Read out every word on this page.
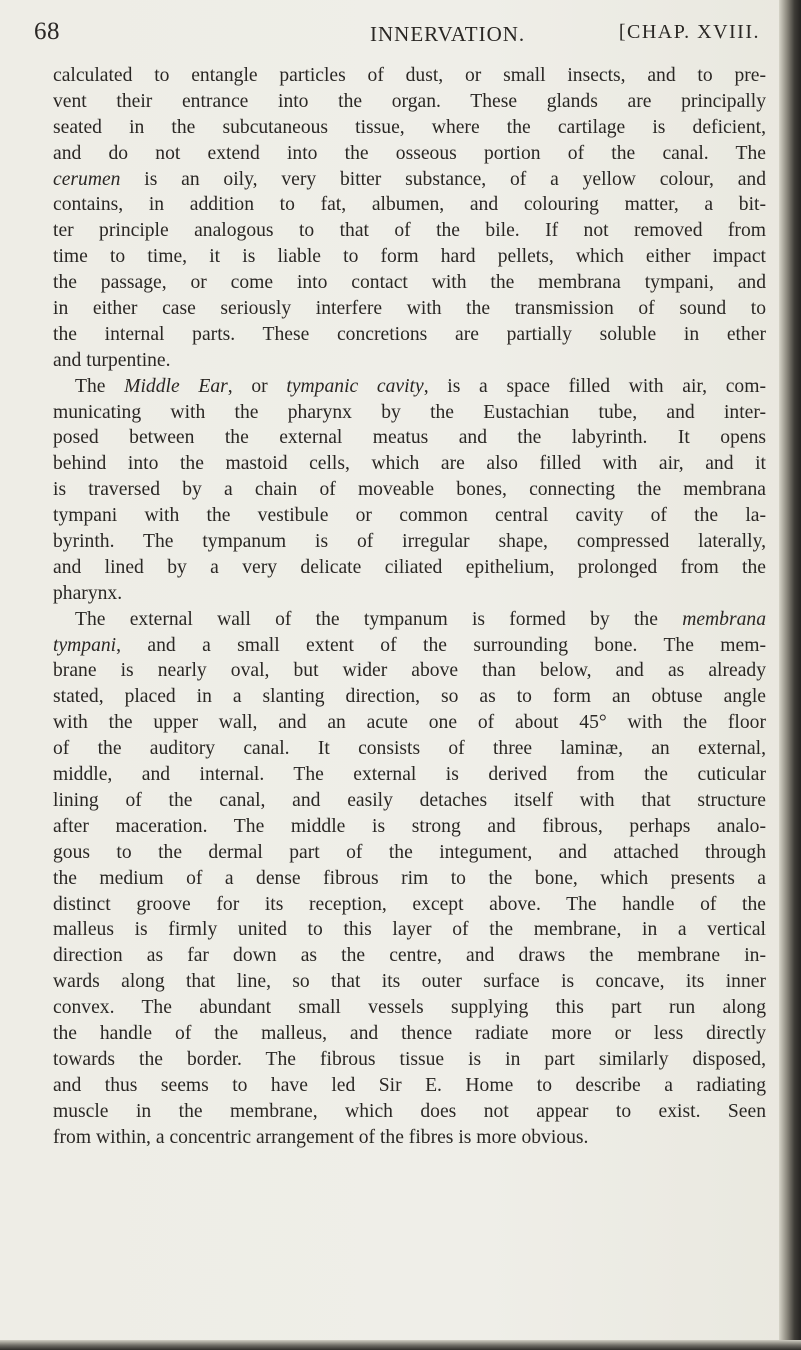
68	INNERVATION.	[CHAP. XVIII.
calculated to entangle particles of dust, or small insects, and to pre-
vent their entrance into the organ. These glands are principally
seated in the subcutaneous tissue, where the cartilage is deficient,
and do not extend into the osseous portion of the canal. The
cerumen is an oily, very bitter substance, of a yellow colour, and
contains, in addition to fat, albumen, and colouring matter, a bit-
ter principle analogous to that of the bile. If not removed from
time to time, it is liable to form hard pellets, which either impact
the passage, or come into contact with the membrana tympani, and
in either case seriously interfere with the transmission of sound to
the internal parts. These concretions are partially soluble in ether
and turpentine.
The Middle Ear, or tympanic cavity, is a space filled with air, com-
municating with the pharynx by the Eustachian tube, and inter-
posed between the external meatus and the labyrinth. It opens
behind into the mastoid cells, which are also filled with air, and it
is traversed by a chain of moveable bones, connecting the membrana
tympani with the vestibule or common central cavity of the la-
byrinth. The tympanum is of irregular shape, compressed laterally,
and lined by a very delicate ciliated epithelium, prolonged from the
pharynx.
The external wall of the tympanum is formed by the membrana
tympani, and a small extent of the surrounding bone. The mem-
brane is nearly oval, but wider above than below, and as already
stated, placed in a slanting direction, so as to form an obtuse angle
with the upper wall, and an acute one of about 45° with the floor
of the auditory canal. It consists of three laminæ, an external,
middle, and internal. The external is derived from the cuticular
lining of the canal, and easily detaches itself with that structure
after maceration. The middle is strong and fibrous, perhaps analo-
gous to the dermal part of the integument, and attached through
the medium of a dense fibrous rim to the bone, which presents a
distinct groove for its reception, except above. The handle of the
malleus is firmly united to this layer of the membrane, in a vertical
direction as far down as the centre, and draws the membrane in-
wards along that line, so that its outer surface is concave, its inner
convex. The abundant small vessels supplying this part run along
the handle of the malleus, and thence radiate more or less directly
towards the border. The fibrous tissue is in part similarly disposed,
and thus seems to have led Sir E. Home to describe a radiating
muscle in the membrane, which does not appear to exist. Seen
from within, a concentric arrangement of the fibres is more obvious.
